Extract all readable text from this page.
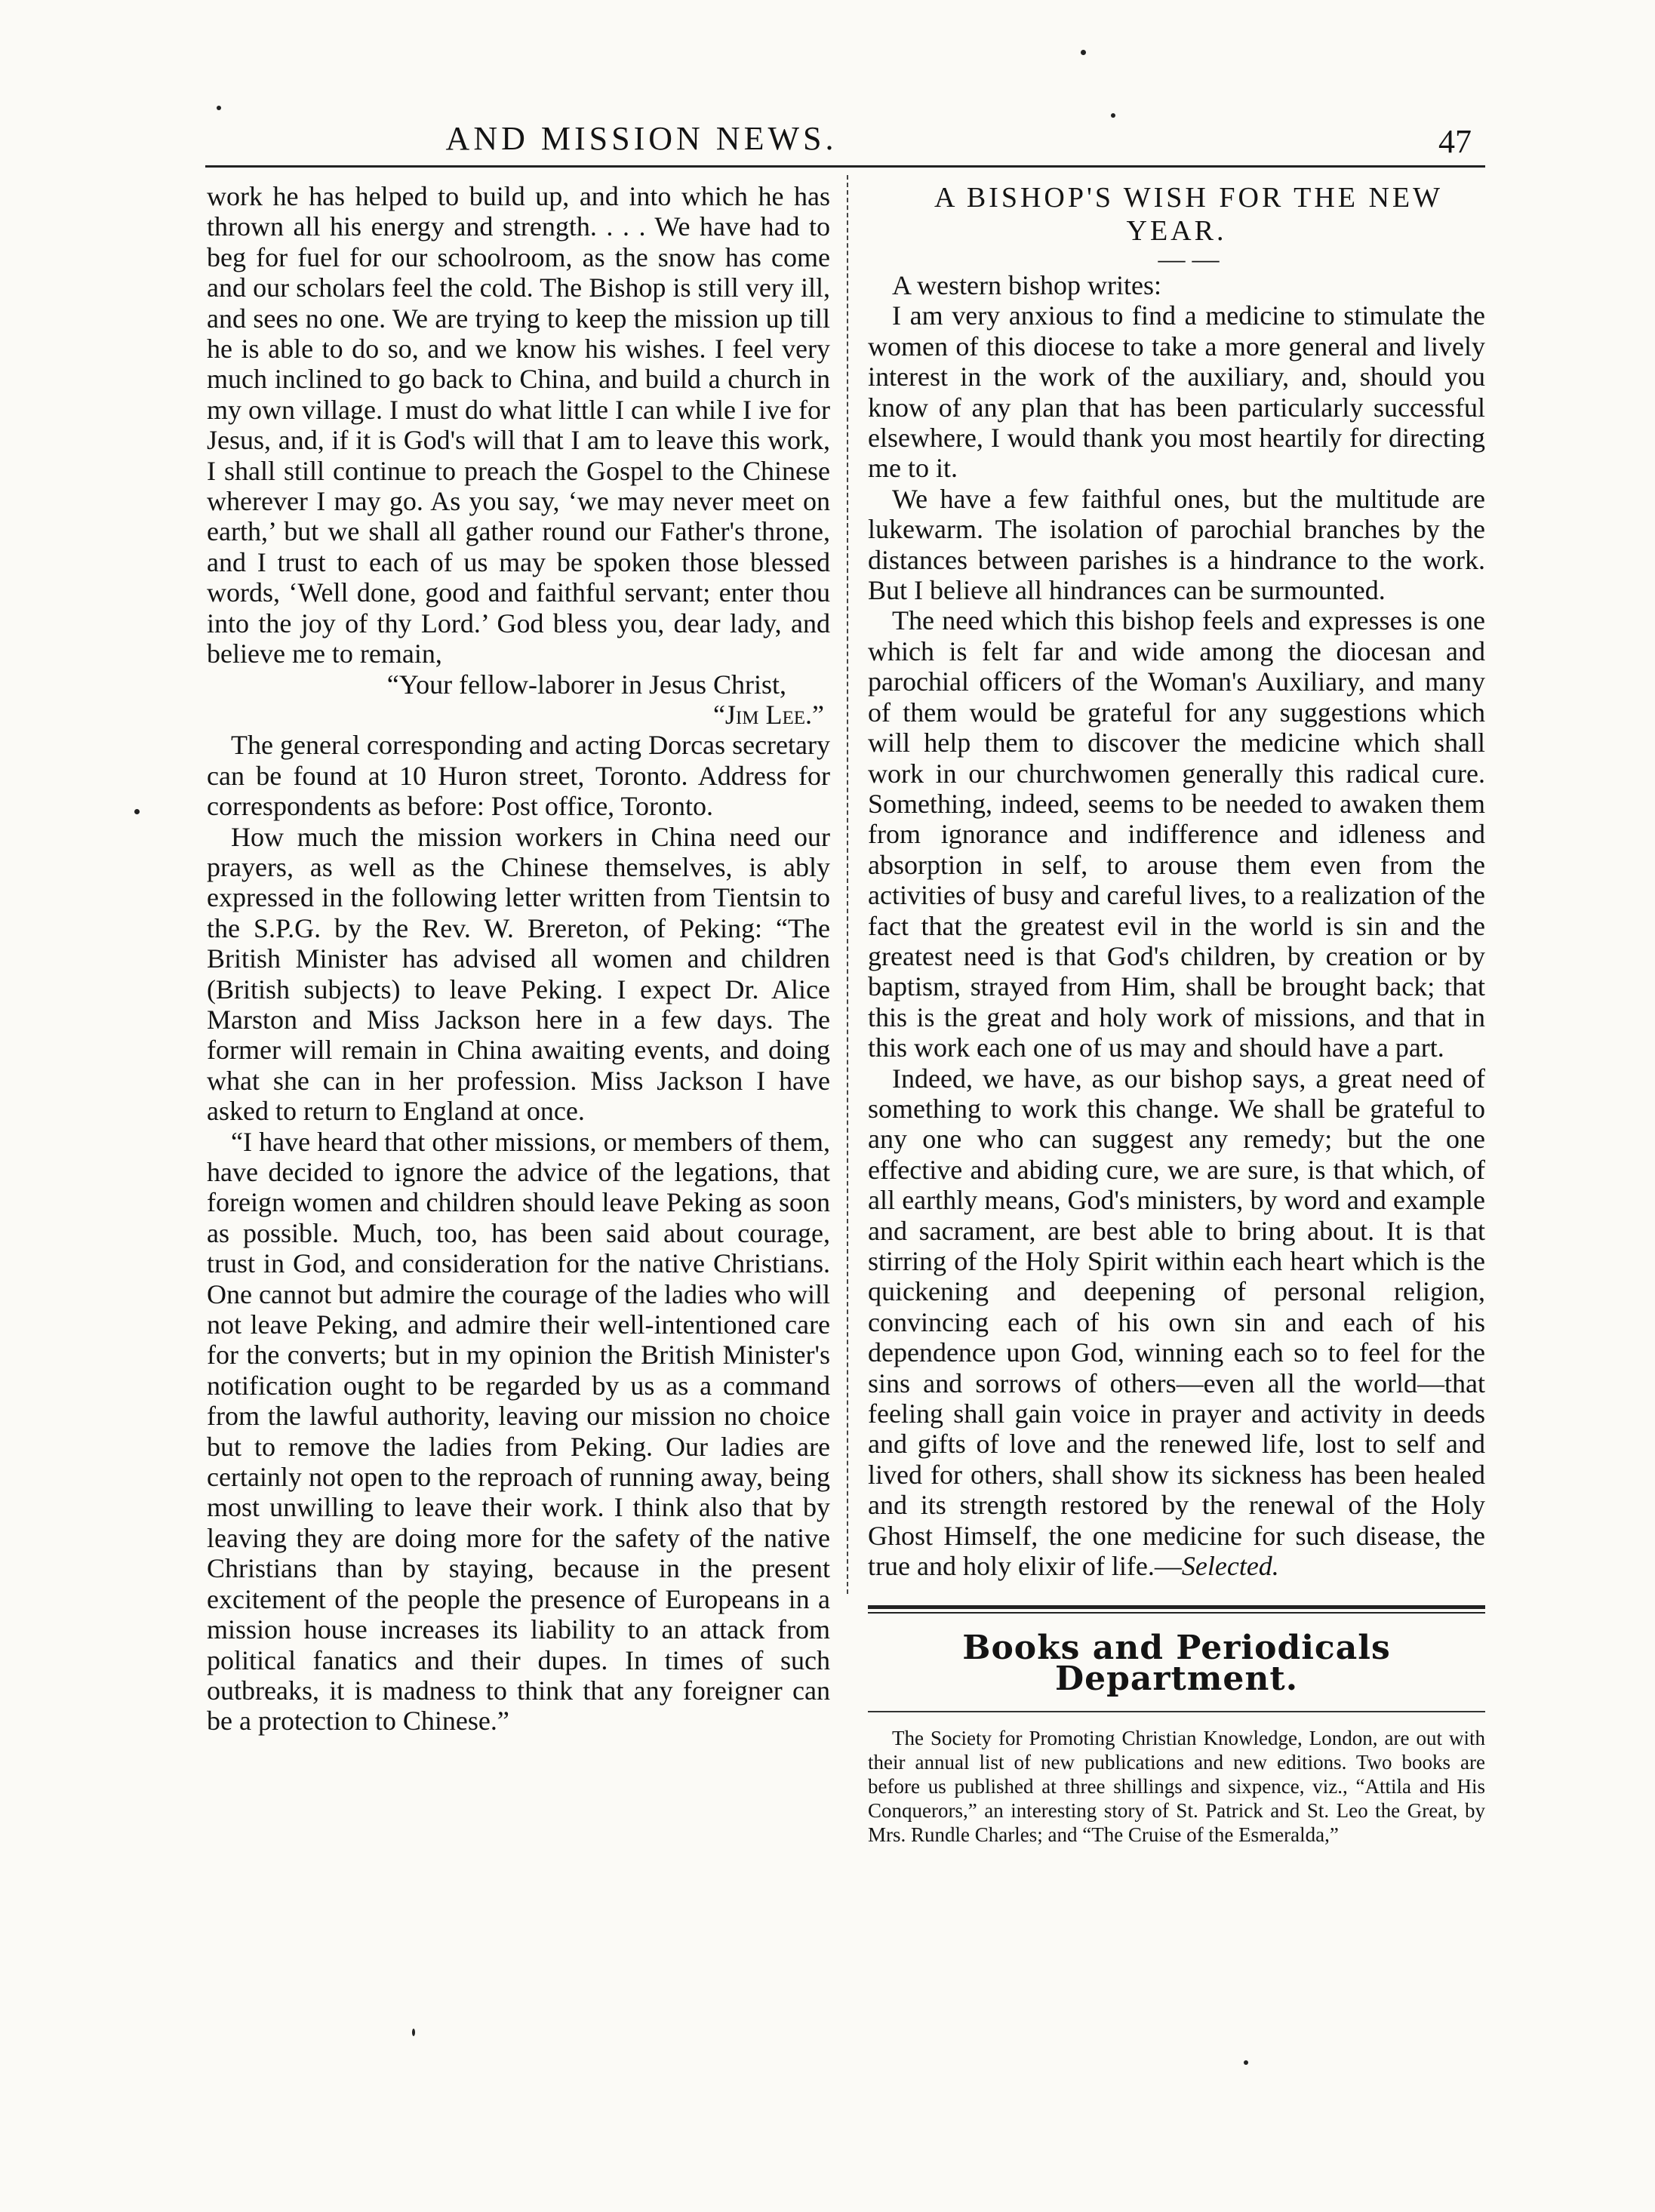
AND MISSION NEWS.	47

work he has helped to build up, and into which he has thrown all his energy and strength. . . . We have had to beg for fuel for our schoolroom, as the snow has come and our scholars feel the cold. The Bishop is still very ill, and sees no one. We are trying to keep the mission up till he is able to do so, and we know his wishes. I feel very much inclined to go back to China, and build a church in my own village. I must do what little I can while I ive for Jesus, and, if it is God's will that I am to leave this work, I shall still continue to preach the Gospel to the Chinese wherever I may go. As you say, ‘we may never meet on earth,’ but we shall all gather round our Father's throne, and I trust to each of us may be spoken those blessed words, ‘Well done, good and faithful servant; enter thou into the joy of thy Lord.’ God bless you, dear lady, and believe me to remain,

“Your fellow-laborer in Jesus Christ,

“Jim Lee.”

The general corresponding and acting Dorcas secretary can be found at 10 Huron street, Toronto. Address for correspondents as before: Post office, Toronto.

How much the mission workers in China need our prayers, as well as the Chinese themselves, is ably expressed in the following letter written from Tientsin to the S.P.G. by the Rev. W. Brereton, of Peking: “The British Minister has advised all women and children (British subjects) to leave Peking. I expect Dr. Alice Marston and Miss Jackson here in a few days. The former will remain in China awaiting events, and doing what she can in her profession. Miss Jackson I have asked to return to England at once.

“I have heard that other missions, or members of them, have decided to ignore the advice of the legations, that foreign women and children should leave Peking as soon as possible. Much, too, has been said about courage, trust in God, and consideration for the native Christians. One cannot but admire the courage of the ladies who will not leave Peking, and admire their well-intentioned care for the converts; but in my opinion the British Minister's notification ought to be regarded by us as a command from the lawful authority, leaving our mission no choice but to remove the ladies from Peking. Our ladies are certainly not open to the reproach of running away, being most unwilling to leave their work. I think also that by leaving they are doing more for the safety of the native Christians than by staying, because in the present excitement of the people the presence of Europeans in a mission house increases its liability to an attack from political fanatics and their dupes. In times of such outbreaks, it is madness to think that any foreigner can be a protection to Chinese.”

A BISHOP'S WISH FOR THE NEW YEAR.

— —

A western bishop writes:

I am very anxious to find a medicine to stimulate the women of this diocese to take a more general and lively interest in the work of the auxiliary, and, should you know of any plan that has been particularly successful elsewhere, I would thank you most heartily for directing me to it.

We have a few faithful ones, but the multitude are lukewarm. The isolation of parochial branches by the distances between parishes is a hindrance to the work. But I believe all hindrances can be surmounted.

The need which this bishop feels and expresses is one which is felt far and wide among the diocesan and parochial officers of the Woman's Auxiliary, and many of them would be grateful for any suggestions which will help them to discover the medicine which shall work in our churchwomen generally this radical cure. Something, indeed, seems to be needed to awaken them from ignorance and indifference and idleness and absorption in self, to arouse them even from the activities of busy and careful lives, to a realization of the fact that the greatest evil in the world is sin and the greatest need is that God's children, by creation or by baptism, strayed from Him, shall be brought back; that this is the great and holy work of missions, and that in this work each one of us may and should have a part.

Indeed, we have, as our bishop says, a great need of something to work this change. We shall be grateful to any one who can suggest any remedy; but the one effective and abiding cure, we are sure, is that which, of all earthly means, God's ministers, by word and example and sacrament, are best able to bring about. It is that stirring of the Holy Spirit within each heart which is the quickening and deepening of personal religion, convincing each of his own sin and each of his dependence upon God, winning each so to feel for the sins and sorrows of others—even all the world—that feeling shall gain voice in prayer and activity in deeds and gifts of love and the renewed life, lost to self and lived for others, shall show its sickness has been healed and its strength restored by the renewal of the Holy Ghost Himself, the one medicine for such disease, the true and holy elixir of life.—Selected.

Books and Periodicals Department.

The Society for Promoting Christian Knowledge, London, are out with their annual list of new publications and new editions. Two books are before us published at three shillings and sixpence, viz., “Attila and His Conquerors,” an interesting story of St. Patrick and St. Leo the Great, by Mrs. Rundle Charles; and “The Cruise of the Esmeralda,”
